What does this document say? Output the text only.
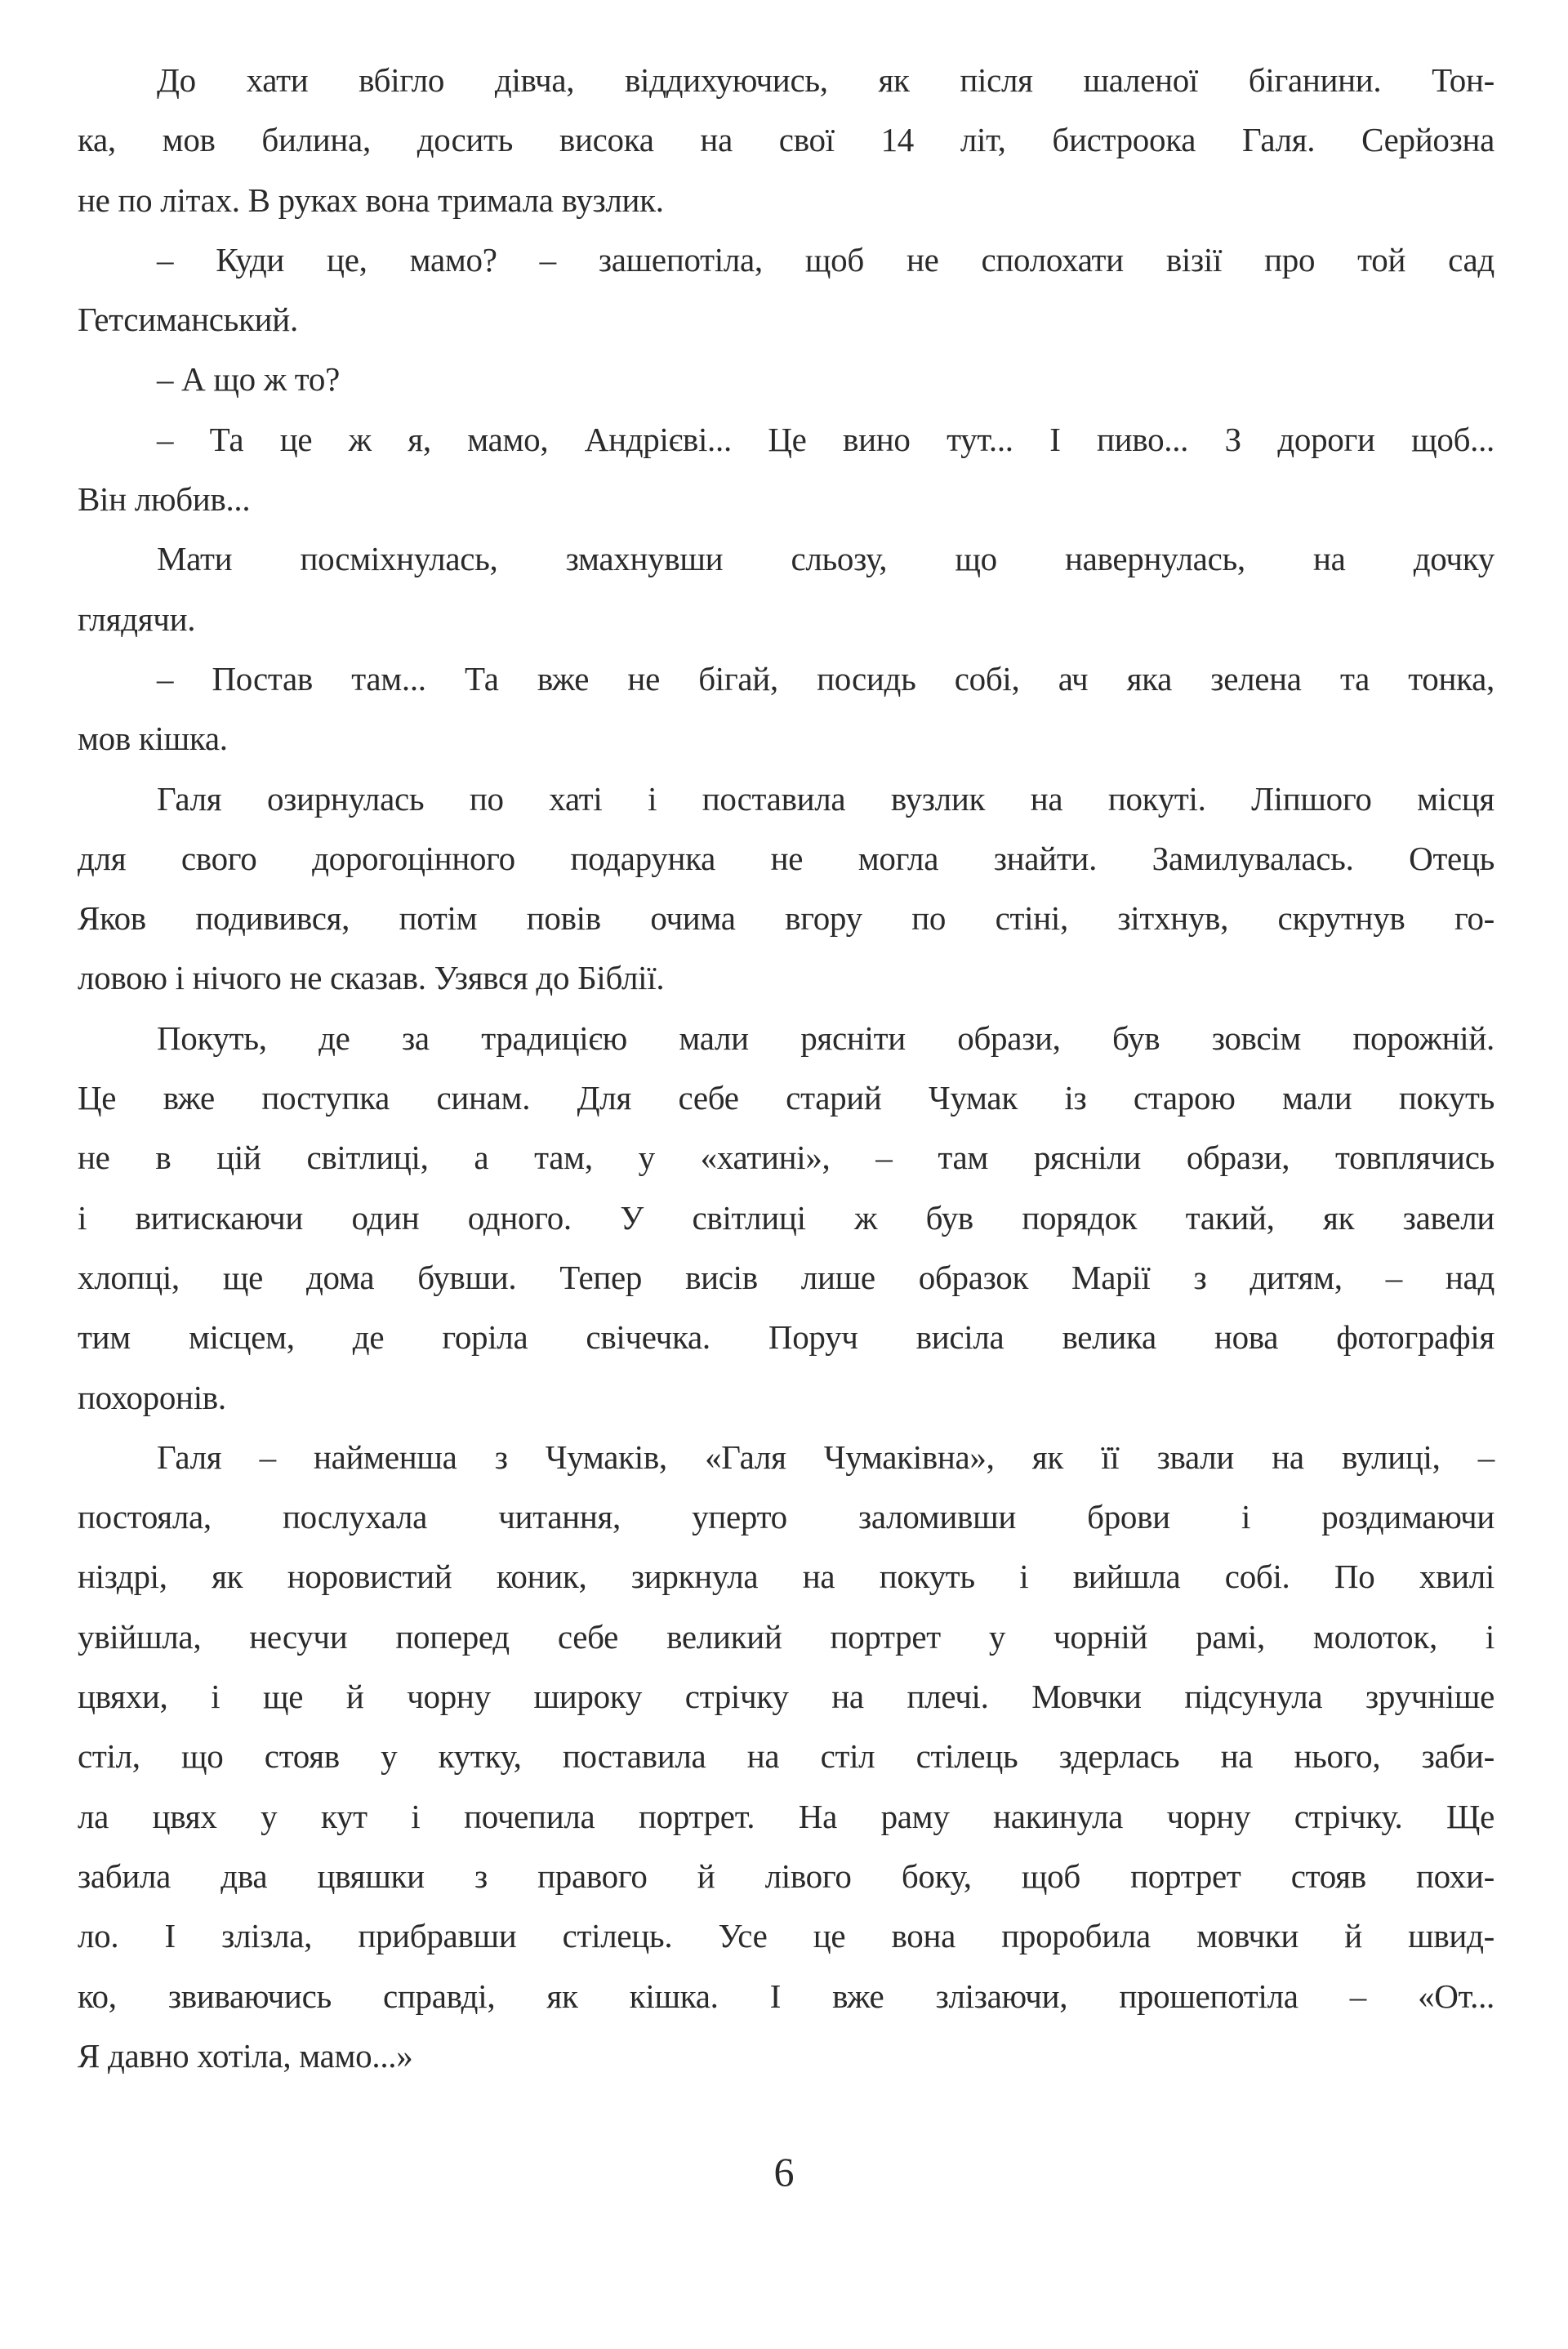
До хати вбігло дівча, віддихуючись, як після шаленої біганини. Тон-
ка, мов билина, досить висока на свої 14 літ, бистроока Галя. Серйозна
не по літах. В руках вона тримала вузлик.
– Куди це, мамо? – зашепотіла, щоб не сполохати візії про той сад
Гетсиманський.
– А що ж то?
– Та це ж я, мамо, Андрієві... Це вино тут... І пиво... З дороги щоб...
Він любив...
Мати посміхнулась, змахнувши сльозу, що навернулась, на дочку
глядячи.
– Постав там... Та вже не бігай, посидь собі, ач яка зелена та тонка,
мов кішка.
Галя озирнулась по хаті і поставила вузлик на покуті. Ліпшого місця
для свого дорогоцінного подарунка не могла знайти. Замилувалась. Отець
Яков подивився, потім повів очима вгору по стіні, зітхнув, скрутнув го-
ловою і нічого не сказав. Узявся до Біблії.
Покуть, де за традицією мали рясніти образи, був зовсім порожній.
Це вже поступка синам. Для себе старий Чумак із старою мали покуть
не в цій світлиці, а там, у «хатині», – там рясніли образи, товплячись
і витискаючи один одного. У світлиці ж був порядок такий, як завели
хлопці, ще дома бувши. Тепер висів лише образок Марії з дитям, – над
тим місцем, де горіла свічечка. Поруч висіла велика нова фотографія
похоронів.
Галя – найменша з Чумаків, «Галя Чумаківна», як її звали на вулиці, –
постояла, послухала читання, уперто заломивши брови і роздимаючи
ніздрі, як норовистий коник, зиркнула на покуть і вийшла собі. По хвилі
увійшла, несучи поперед себе великий портрет у чорній рамі, молоток, і
цвяхи, і ще й чорну широку стрічку на плечі. Мовчки підсунула зручніше
стіл, що стояв у кутку, поставила на стіл стілець здерлась на нього, заби-
ла цвях у кут і почепила портрет. На раму накинула чорну стрічку. Ще
забила два цвяшки з правого й лівого боку, щоб портрет стояв похи-
ло. І злізла, прибравши стілець. Усе це вона проробила мовчки й швид-
ко, звиваючись справді, як кішка. І вже злізаючи, прошепотіла – «От...
Я давно хотіла, мамо...»
6
